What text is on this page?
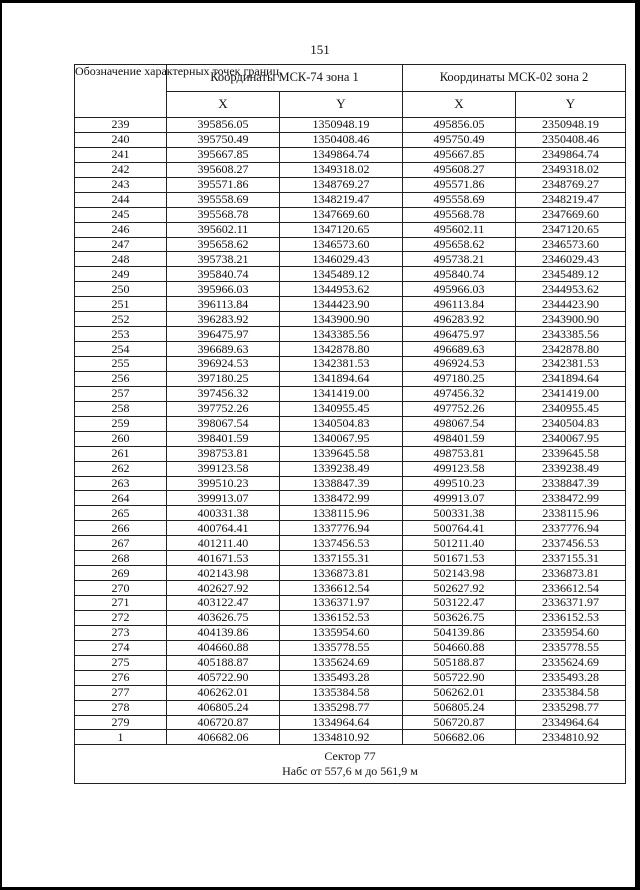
151
Обозначение характерных точек границ	Координаты МСК-74 зона 1		Координаты МСК-02 зона 2	
	X	Y	X	Y
239	395856.05	1350948.19	495856.05	2350948.19
240	395750.49	1350408.46	495750.49	2350408.46
241	395667.85	1349864.74	495667.85	2349864.74
242	395608.27	1349318.02	495608.27	2349318.02
243	395571.86	1348769.27	495571.86	2348769.27
244	395558.69	1348219.47	495558.69	2348219.47
245	395568.78	1347669.60	495568.78	2347669.60
246	395602.11	1347120.65	495602.11	2347120.65
247	395658.62	1346573.60	495658.62	2346573.60
248	395738.21	1346029.43	495738.21	2346029.43
249	395840.74	1345489.12	495840.74	2345489.12
250	395966.03	1344953.62	495966.03	2344953.62
251	396113.84	1344423.90	496113.84	2344423.90
252	396283.92	1343900.90	496283.92	2343900.90
253	396475.97	1343385.56	496475.97	2343385.56
254	396689.63	1342878.80	496689.63	2342878.80
255	396924.53	1342381.53	496924.53	2342381.53
256	397180.25	1341894.64	497180.25	2341894.64
257	397456.32	1341419.00	497456.32	2341419.00
258	397752.26	1340955.45	497752.26	2340955.45
259	398067.54	1340504.83	498067.54	2340504.83
260	398401.59	1340067.95	498401.59	2340067.95
261	398753.81	1339645.58	498753.81	2339645.58
262	399123.58	1339238.49	499123.58	2339238.49
263	399510.23	1338847.39	499510.23	2338847.39
264	399913.07	1338472.99	499913.07	2338472.99
265	400331.38	1338115.96	500331.38	2338115.96
266	400764.41	1337776.94	500764.41	2337776.94
267	401211.40	1337456.53	501211.40	2337456.53
268	401671.53	1337155.31	501671.53	2337155.31
269	402143.98	1336873.81	502143.98	2336873.81
270	402627.92	1336612.54	502627.92	2336612.54
271	403122.47	1336371.97	503122.47	2336371.97
272	403626.75	1336152.53	503626.75	2336152.53
273	404139.86	1335954.60	504139.86	2335954.60
274	404660.88	1335778.55	504660.88	2335778.55
275	405188.87	1335624.69	505188.87	2335624.69
276	405722.90	1335493.28	505722.90	2335493.28
277	406262.01	1335384.58	506262.01	2335384.58
278	406805.24	1335298.77	506805.24	2335298.77
279	406720.87	1334964.64	506720.87	2334964.64
1	406682.06	1334810.92	506682.06	2334810.92

Сектор 77
Набс от 557,6 м до 561,9 м				
